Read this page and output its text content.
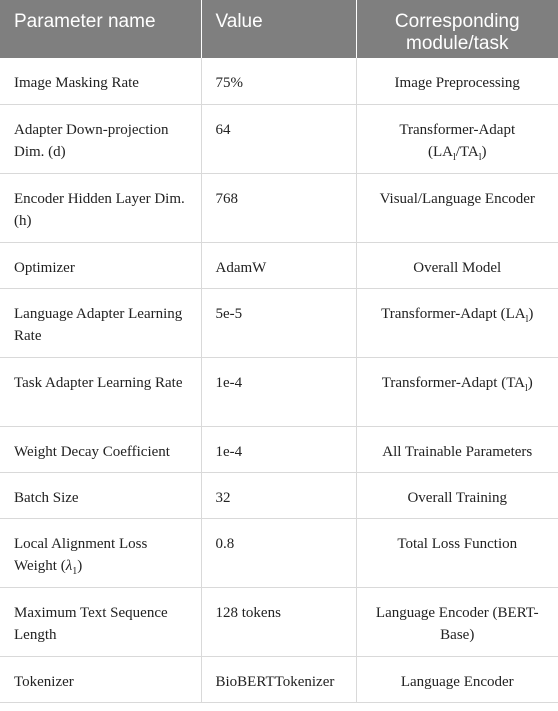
Parameter name	Value	Corresponding module/task
Image Masking Rate	75%	Image Preprocessing
Adapter Down-projection Dim. (d)	64	Transformer-Adapt $(LA_l/TA_l)$
Encoder Hidden Layer Dim. (h)	768	Visual/Language Encoder
Optimizer	AdamW	Overall Model
Language Adapter Learning Rate	5e-5	Transformer-Adapt $(LA_l)$
Task Adapter Learning Rate	1e-4	Transformer-Adapt $(TA_l)$
Weight Decay Coefficient	1e-4	All Trainable Parameters
Batch Size	32	Overall Training
Local Alignment Loss Weight $(\lambda_1)$	0.8	Total Loss Function
Maximum Text Sequence Length	128 tokens	Language Encoder (BERT-Base)
Tokenizer	BioBERTTokenizer	Language Encoder
